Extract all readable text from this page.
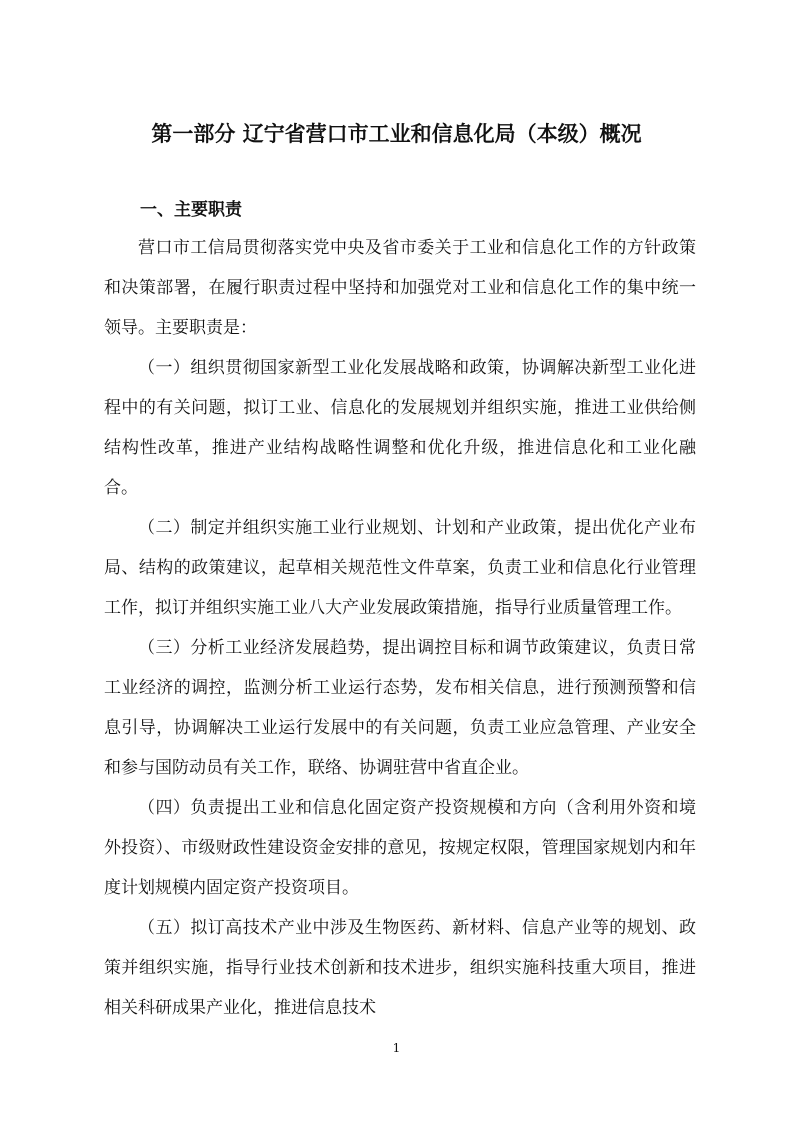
第一部分 辽宁省营口市工业和信息化局（本级）概况
一、主要职责

营口市工信局贯彻落实党中央及省市委关于工业和信息化工作的方针政策和决策部署，在履行职责过程中坚持和加强党对工业和信息化工作的集中统一领导。主要职责是：

（一）组织贯彻国家新型工业化发展战略和政策，协调解决新型工业化进程中的有关问题，拟订工业、信息化的发展规划并组织实施，推进工业供给侧结构性改革，推进产业结构战略性调整和优化升级，推进信息化和工业化融合。

（二）制定并组织实施工业行业规划、计划和产业政策，提出优化产业布局、结构的政策建议，起草相关规范性文件草案，负责工业和信息化行业管理工作，拟订并组织实施工业八大产业发展政策措施，指导行业质量管理工作。

（三）分析工业经济发展趋势，提出调控目标和调节政策建议，负责日常工业经济的调控，监测分析工业运行态势，发布相关信息，进行预测预警和信息引导，协调解决工业运行发展中的有关问题，负责工业应急管理、产业安全和参与国防动员有关工作，联络、协调驻营中省直企业。

（四）负责提出工业和信息化固定资产投资规模和方向（含利用外资和境外投资）、市级财政性建设资金安排的意见，按规定权限，管理国家规划内和年度计划规模内固定资产投资项目。

（五）拟订高技术产业中涉及生物医药、新材料、信息产业等的规划、政策并组织实施，指导行业技术创新和技术进步，组织实施科技重大项目，推进相关科研成果产业化，推进信息技术

1
